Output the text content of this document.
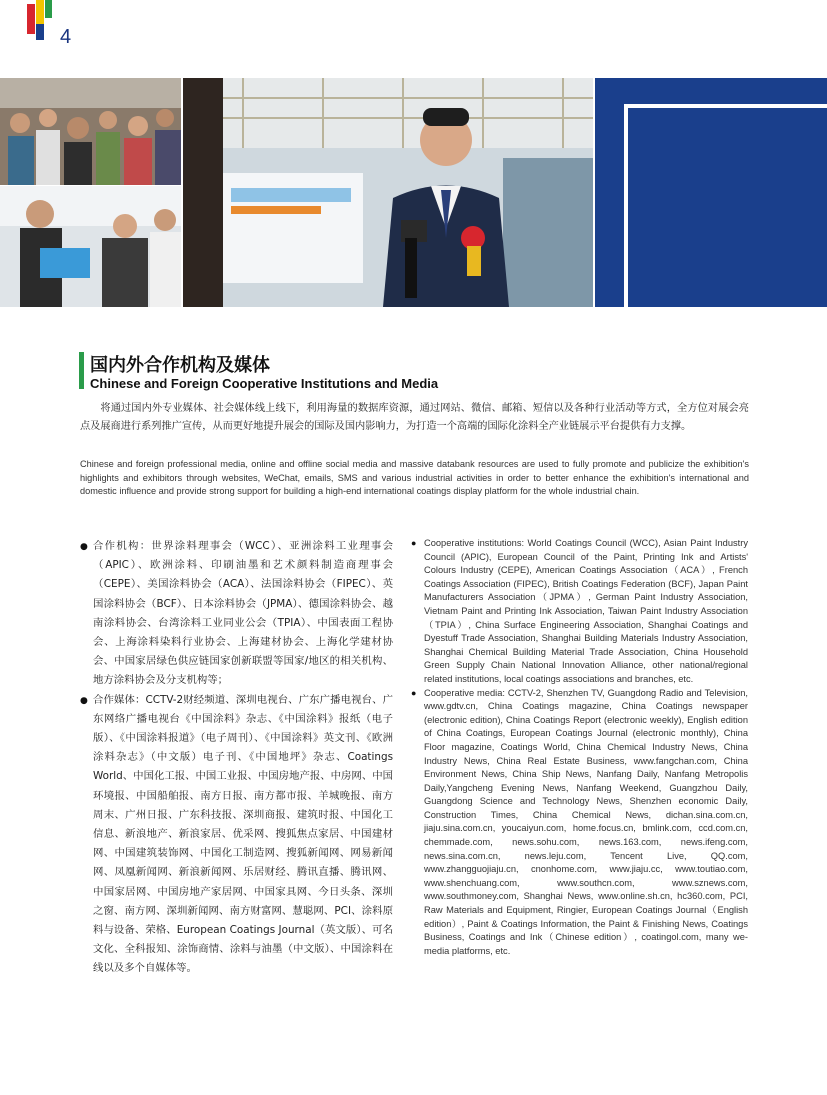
4
国内外合作机构及媒体
Chinese and Foreign Cooperative Institutions and Media
将通过国内外专业媒体、社会媒体线上线下，利用海量的数据库资源，通过网站、微信、邮箱、短信以及各种行业活动等方式，全方位对展会亮点及展商进行系列推广宣传，从而更好地提升展会的国际及国内影响力，为打造一个高端的国际化涂料全产业链展示平台提供有力支撑。
Chinese and foreign professional media, online and offline social media and massive databank resources are used to fully promote and publicize the exhibition's highlights and exhibitors through websites, WeChat, emails, SMS and various industrial activities in order to better enhance the exhibition's international and domestic influence and provide strong support for building a high-end international coatings display platform for the whole industrial chain.
● 合作机构：世界涂料理事会（WCC）、亚洲涂料工业理事会（APIC）、欧洲涂料、印刷油墨和艺术颜料制造商理事会（CEPE）、美国涂料协会（ACA）、法国涂料协会（FIPEC）、英国涂料协会（BCF）、日本涂料协会（JPMA）、德国涂料协会、越南涂料协会、台湾涂料工业同业公会（TPIA）、中国表面工程协会、上海涂料染料行业协会、上海建材协会、上海化学建材协会、中国家居绿色供应链国家创新联盟等国家/地区的相关机构、地方涂料协会及分支机构等；
● 合作媒体：CCTV-2财经频道、深圳电视台、广东广播电视台、广东网络广播电视台《中国涂料》杂志、《中国涂料》报纸（电子版）、《中国涂料报道》（电子周刊）、《中国涂料》英文刊、《欧洲涂料杂志》（中文版）电子刊、《中国地坪》杂志、Coatings World、中国化工报、中国工业报、中国房地产报、中房网、中国环境报、中国船舶报、南方日报、南方都市报、羊城晚报、南方周末、广州日报、广东科技报、深圳商报、建筑时报、中国化工信息、新浪地产、新浪家居、优采网、搜狐焦点家居、中国建材网、中国建筑装饰网、中国化工制造网、搜狐新闻网、网易新闻网、凤凰新闻网、新浪新闻网、乐居财经、腾讯直播、腾讯网、中国家居网、中国房地产家居网、中国家具网、今日头条、深圳之窗、南方网、深圳新闻网、南方财富网、慧聪网、PCI、涂料原料与设备、荣格、European Coatings Journal（英文版）、可名文化、全科报知、涂饰商情、涂料与油墨（中文版）、中国涂料在线以及多个自媒体等。
● Cooperative institutions: World Coatings Council (WCC), Asian Paint Industry Council (APIC), European Council of the Paint, Printing Ink and Artists' Colours Industry (CEPE), American Coatings Association（ACA）, French Coatings Association (FIPEC), British Coatings Federation (BCF), Japan Paint Manufacturers Association（JPMA）, German Paint Industry Association, Vietnam Paint and Printing Ink Association, Taiwan Paint Industry Association（TPIA）, China Surface Engineering Association, Shanghai Coatings and Dyestuff Trade Association, Shanghai Building Materials Industry Association, Shanghai Chemical Building Material Trade Association, China Household Green Supply Chain National Innovation Alliance, other national/regional related institutions, local coatings associations and branches, etc.
● Cooperative media: CCTV-2, Shenzhen TV, Guangdong Radio and Television, www.gdtv.cn, China Coatings magazine, China Coatings newspaper (electronic edition), China Coatings Report (electronic weekly), English edition of China Coatings, European Coatings Journal (electronic monthly), China Floor magazine, Coatings World, China Chemical Industry News, China Industry News, China Real Estate Business, www.fangchan.com, China Environment News, China Ship News, Nanfang Daily, Nanfang Metropolis Daily,Yangcheng Evening News, Nanfang Weekend, Guangzhou Daily, Guangdong Science and Technology News, Shenzhen economic Daily, Construction Times, China Chemical News, dichan.sina.com.cn, jiaju.sina.com.cn, youcaiyun.com, home.focus.cn, bmlink.com, ccd.com.cn, chemmade.com, news.sohu.com, news.163.com, news.ifeng.com, news.sina.com.cn, news.leju.com, Tencent Live, QQ.com, www.zhangguojiaju.cn, cnonhome.com, www.jiaju.cc, www.toutiao.com, www.shenchuang.com, www.southcn.com, www.sznews.com, www.southmoney.com, Shanghai News, www.online.sh.cn, hc360.com, PCI, Raw Materials and Equipment, Ringier, European Coatings Journal（English edition）, Paint & Coatings Information, the Paint & Finishing News, Coatings Business, Coatings and Ink（Chinese edition）, coatingol.com, many we-media platforms, etc.
